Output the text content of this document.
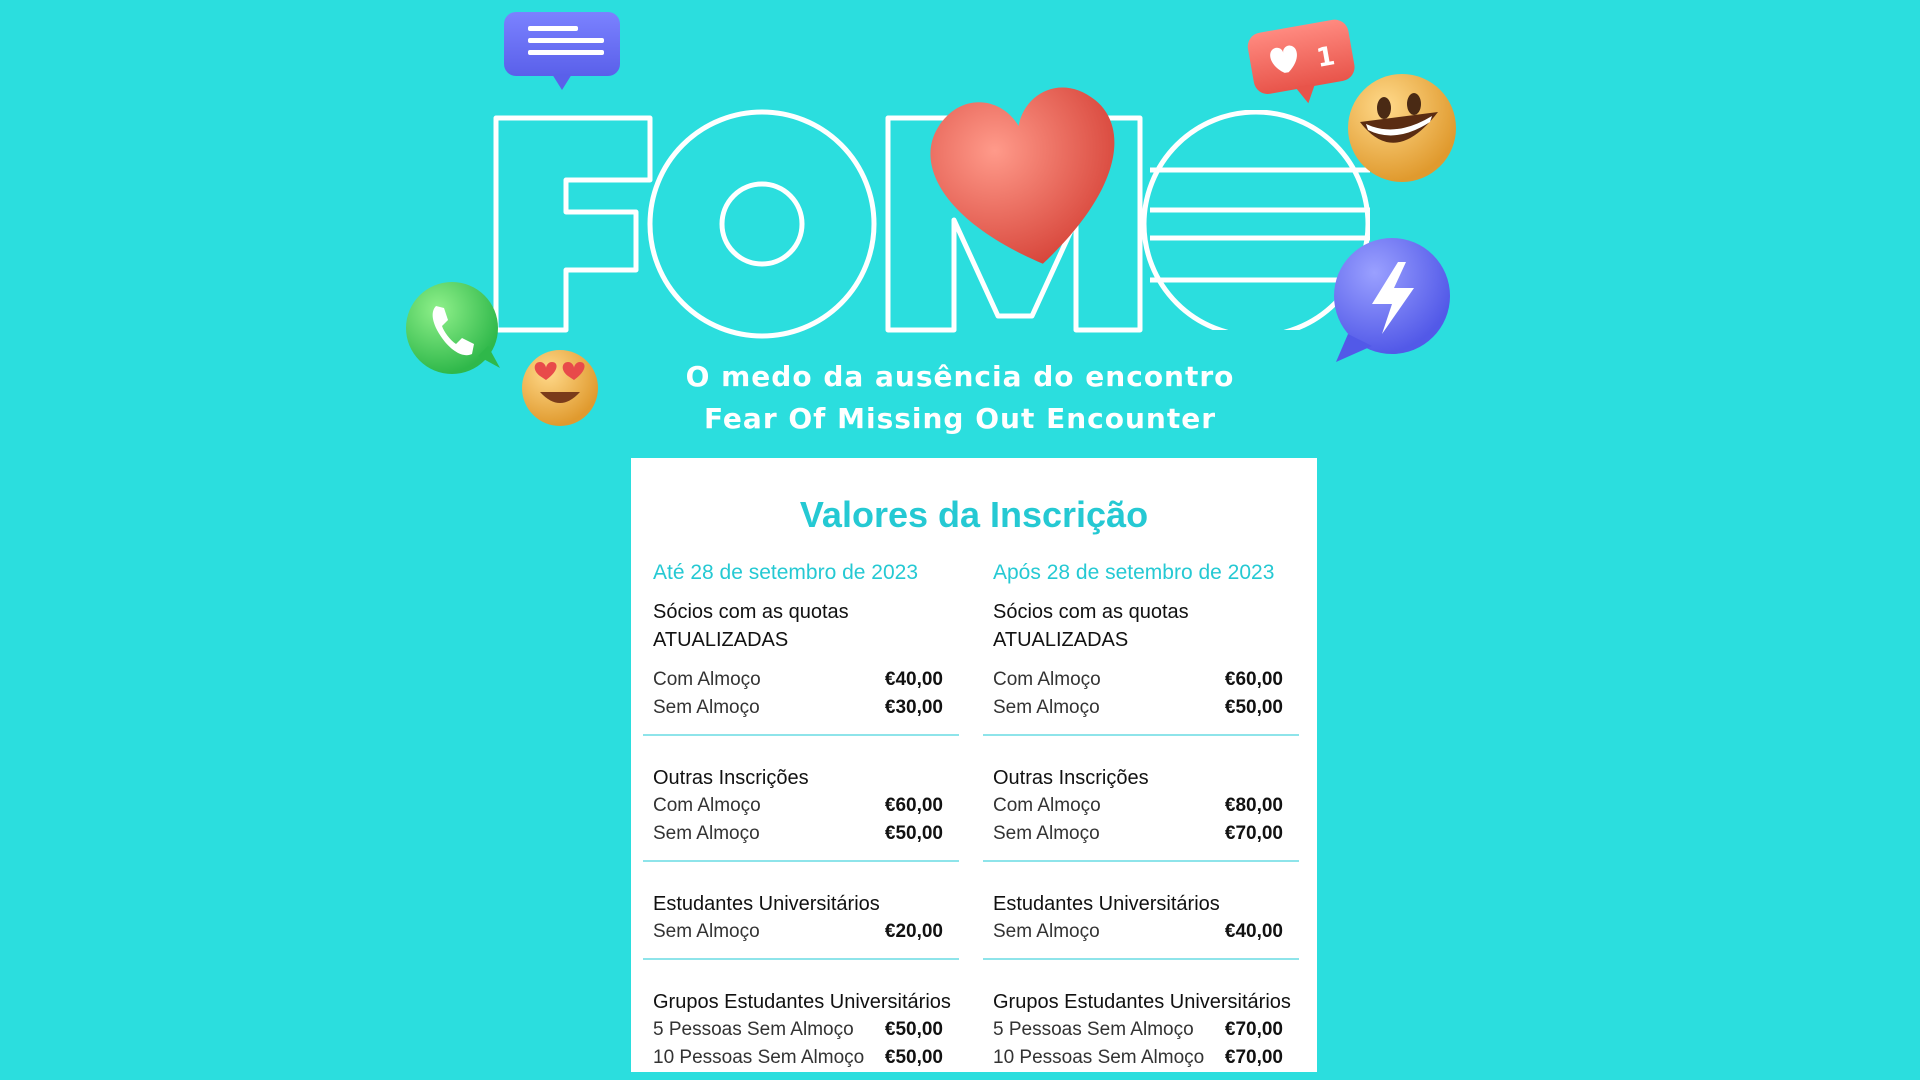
1

O medo da ausência do encontro

Fear Of Missing Out Encounter

Valores da Inscrição
Até 28 de setembro de 2023
Sócios com as quotas ATUALIZADAS
Com Almoço	€40,00
Sem Almoço	€30,00
Outras Inscrições
Com Almoço	€60,00
Sem Almoço	€50,00
Estudantes Universitários
Sem Almoço	€20,00
Grupos Estudantes Universitários
5 Pessoas Sem Almoço €50,00
10 Pessoas Sem Almoço €50,00
Após 28 de setembro de 2023
Sócios com as quotas ATUALIZADAS
Com Almoço	€60,00
Sem Almoço	€50,00
Outras Inscrições
Com Almoço	€80,00
Sem Almoço	€70,00
Estudantes Universitários
Sem Almoço	€40,00
Grupos Estudantes Universitários
5 Pessoas Sem Almoço €70,00
10 Pessoas Sem Almoço €70,00
